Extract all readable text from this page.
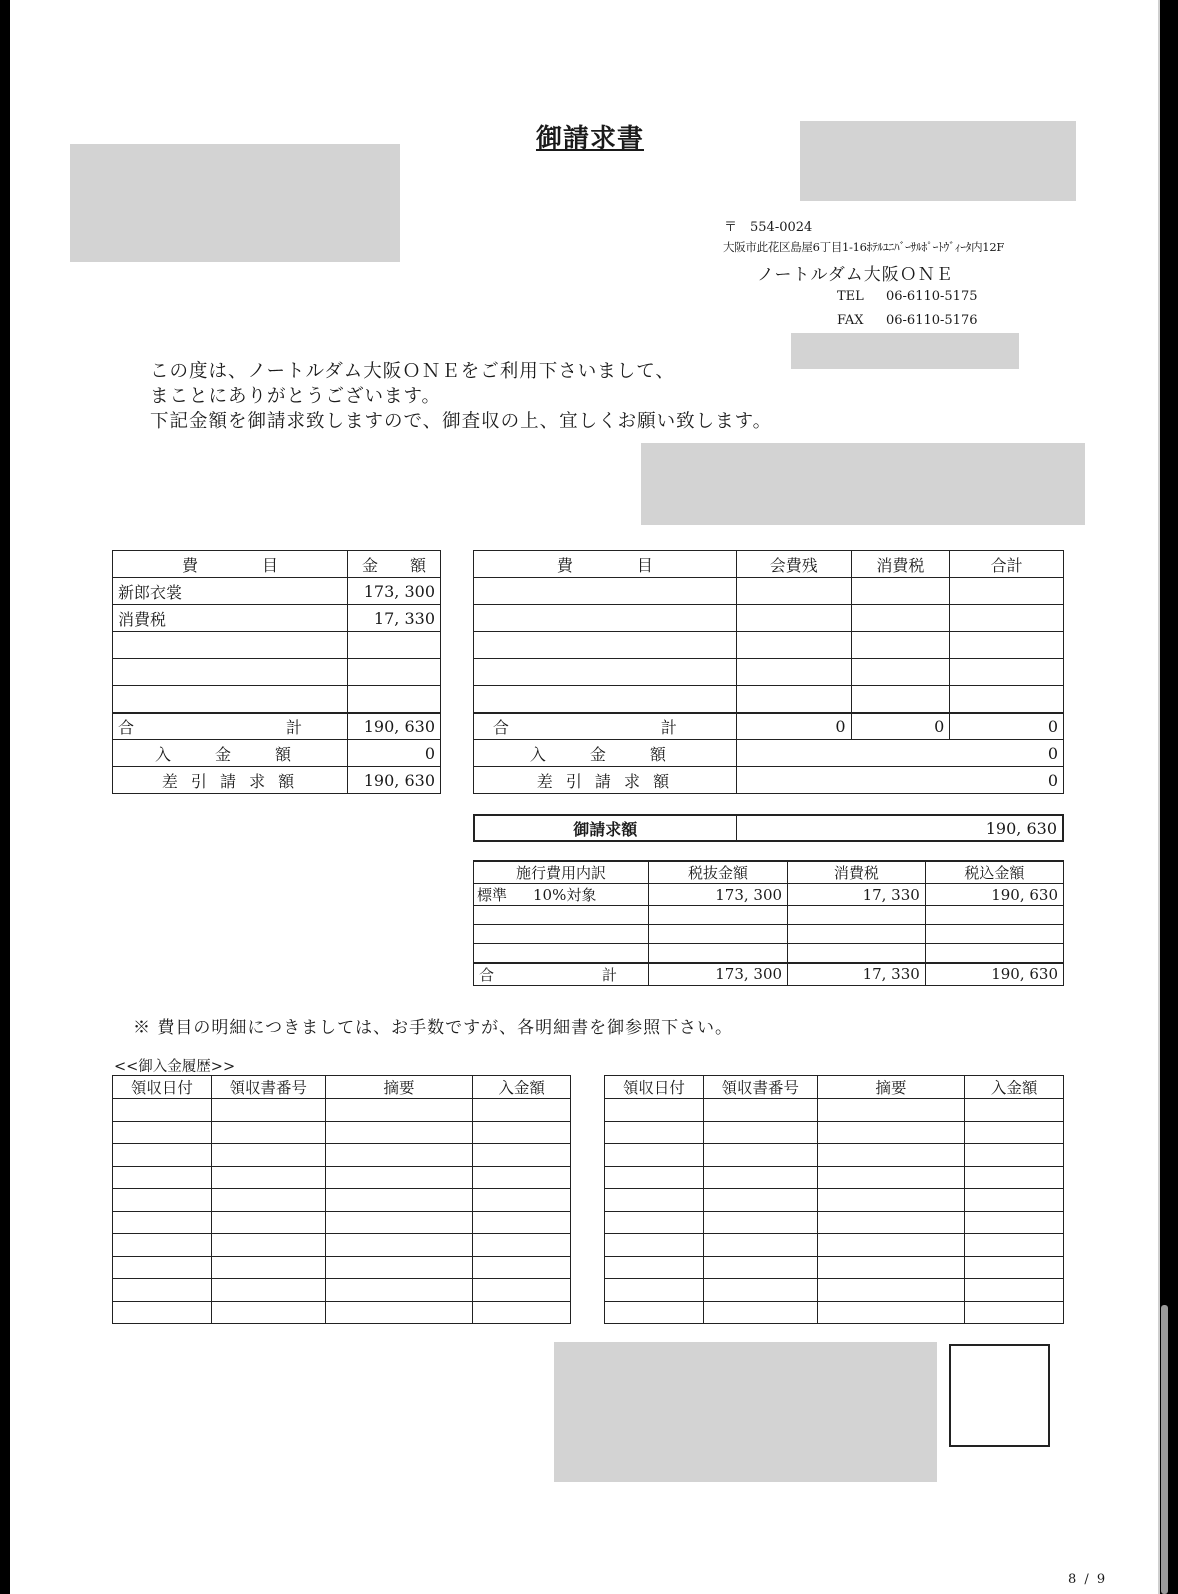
御請求書
〒　554-0024
大阪市此花区島屋6丁目1-16ﾎﾃﾙﾕﾆﾊﾞｰｻﾙﾎﾟｰﾄｳﾞｨｰﾀ内12F
ノートルダム大阪ＯＮＥ
TEL 06-6110-5175
FAX 06-6110-5176
この度は、ノートルダム大阪ＯＮＥをご利用下さいまして、
まことにありがとうございます。
下記金額を御請求致しますので、御査収の上、宜しくお願い致します。
費　　　　目	金　　額
新郎衣裳	173, 300
消費税	17, 330

合　　計	190, 630
入　金　額	0
差 引 請 求 額	190, 630
費　　　　目	会費残	消費税	合計

合　　計	0	0	0
入　金　額	0		
差 引 請 求 額	0		
御請求額	190, 630
施行費用内訳	税抜金額	消費税	税込金額
標準 10%対象	173, 300	17, 330	190, 630

合　　計	173, 300	17, 330	190, 630
※ 費目の明細につきましては、お手数ですが、各明細書を御参照下さい。
<<御入金履歴>>
領収日付	領収書番号	摘要	入金額

				領収日付	領収書番号	摘要	入金額

8 / 9
